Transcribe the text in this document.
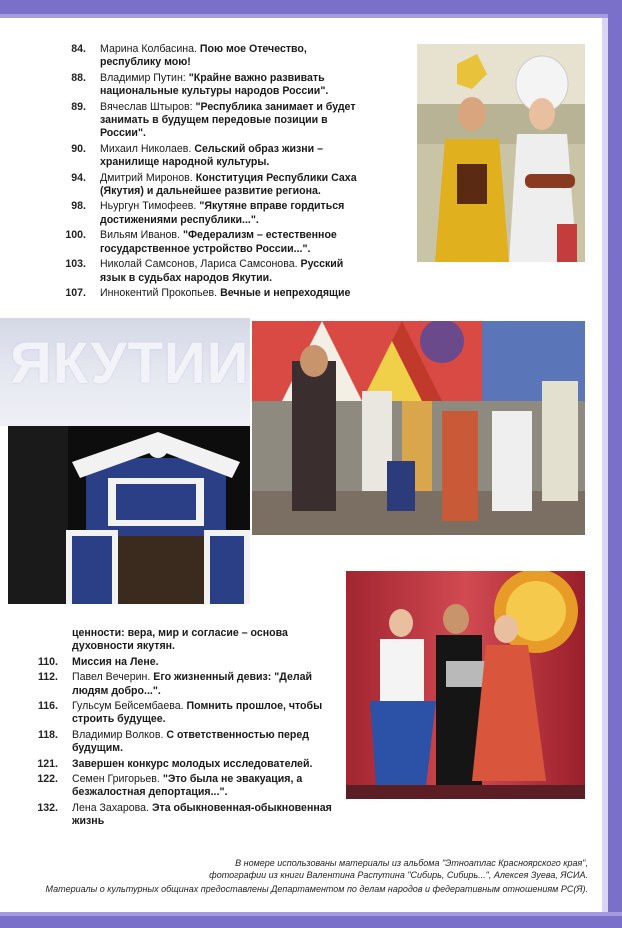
84. Марина Колбасина. Пою мое Отечество, республику мою!
88. Владимир Путин: "Крайне важно развивать национальные культуры народов России".
89. Вячеслав Штыров: "Республика занимает и будет занимать в будущем передовые позиции в России".
90. Михаил Николаев. Сельский образ жизни – хранилище народной культуры.
94. Дмитрий Миронов. Конституция Республики Саха (Якутия) и дальнейшее развитие региона.
98. Ньургун Тимофеев. "Якутяне вправе гордиться достижениями республики...".
100. Вильям Иванов. "Федерализм – естественное государственное устройство России...".
103. Николай Самсонов, Лариса Самсонова. Русский язык в судьбах народов Якутии.
107. Иннокентий Прокопьев. Вечные и непреходящие
ЯКУТИИ
ценности: вера, мир и согласие – основа духовности якутян.
110. Миссия на Лене.
112. Павел Вечерин. Его жизненный девиз: "Делай людям добро...".
116. Гульсум Бейсембаева. Помнить прошлое, чтобы строить будущее.
118. Владимир Волков. С ответственностью перед будущим.
121. Завершен конкурс молодых исследователей.
122. Семен Григорьев. "Это была не эвакуация, а безжалостная депортация...".
132. Лена Захарова. Эта обыкновенная-обыкновенная жизнь
В номере использованы материалы из альбома "Этноатлас Красноярского края",
фотографии из книги Валентина Распутина "Сибирь, Сибирь...", Алексея Зуева, ЯСИА.
Материалы о культурных общинах предоставлены Департаментом по делам народов и федеративным отношениям РС(Я).
